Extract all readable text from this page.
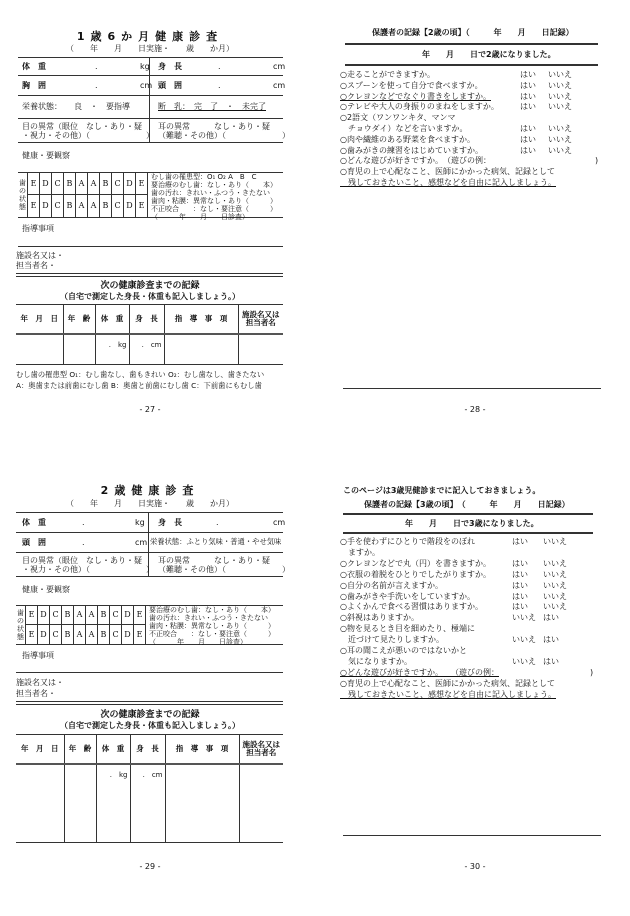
1歳6か月健康診査
（　　年　　月　　日実施・　　歳　　か月）
体　重	.	kg 身　長	.	cm
胸　囲	.	cm 頭　囲	.	cm
栄養状態：　　良　・　要指導	断　乳：　完　了　・　未完了
目の異常（眼位　なし・あり・疑
・視力・その他）（　　　　　　　）
耳の異常　　　なし・あり・疑
（難聴・その他）（　　　　　　　）
健康・要観察
歯の状態
E D C B A A B C D E
E D C B A A B C D E
むし歯の罹患型：O₁ O₂ A　B　C
要治療のむし歯：なし・あり（　　本）
歯の汚れ：きれい・ふつう・きたない
歯肉・粘膜：異常なし・あり（　　　）
不正咬合　　：なし・要注意（　　　）
（　　　年　　月　　日診査）
指導事項
施設名又は・
担当者名・
次の健康診査までの記録
（自宅で測定した身長・体重も記入しましょう。）
年　月　日	年　齢	体　重	身　長	指　導　事　項	施設名又は担当者名
		.　kg	.　cm		
むし歯の罹患型 O₁：むし歯なし、歯もきれい O₂：むし歯なし、歯きたない
A：奥歯または前歯にむし歯 B：奥歯と前歯にむし歯 C：下前歯にもむし歯
- 27 -
保護者の記録【2歳の頃】（　　　年　　月　　日記録）
年　　月　　日で2歳になりました。
○走ることができますか。	はい いいえ
○スプーンを使って自分で食べますか。	はい いいえ
○クレヨンなどでなぐり書きをしますか。	はい いいえ
○テレビや大人の身振りのまねをしますか。	はい いいえ
○2語文（ワンワンキタ、マンマ
　チョウダイ）などを言いますか。	はい いいえ
○肉や繊維のある野菜を食べますか。	はい いいえ
○歯みがきの練習をはじめていますか。	はい いいえ
○どんな遊びが好きですか。　（遊びの例：	)
○育児の上で心配なこと、医師にかかった病気、記録として
　残しておきたいこと、感想などを自由に記入しましょう。
- 28 -
2歳健康診査
（　　年　　月　　日実施・　　歳　　か月）
体　重	.	kg 身　長	.	cm
頭　囲	.	cm 栄養状態：ふとり気味・普通・やせ気味
目の異常（眼位　なし・あり・疑
・視力・その他）（　　　　　　　）
耳の異常　　　なし・あり・疑
（難聴・その他）（　　　　　　　）
健康・要観察
歯の状態
E D C B A A B C D E
E D C B A A B C D E
要治療のむし歯：なし・あり（　　本）
歯の汚れ：きれい・ふつう・きたない
歯肉・粘膜：異常なし・あり（　　　）
不正咬合　　：なし・要注意（　　　）
（　　　年　　月　　日診査）
指導事項
施設名又は・
担当者名・
次の健康診査までの記録
（自宅で測定した身長・体重も記入しましょう。）
年　月　日	年　齢	体　重	身　長	指　導　事　項	施設名又は担当者名
		.　kg	.　cm		
- 29 -
このページは3歳児健診までに記入しておきましょう。
保護者の記録【3歳の頃】　（　　　年　　月　　日記録）
年　　月　　日で3歳になりました。
○手を使わずにひとりで階段をのぼれ	はい いいえ
　ますか。
○クレヨンなどで丸（円）を書きますか。	はい いいえ
○衣服の着脱をひとりでしたがりますか。	はい いいえ
○自分の名前が言えますか。	はい いいえ
○歯みがきや手洗いをしていますか。	はい いいえ
○よくかんで食べる習慣はありますか。	はい いいえ
○斜視はありますか。	いいえ はい
○物を見るとき目を細めたり、極端に
　近づけて見たりしますか。	いいえ はい
○耳の聞こえが悪いのではないかと
　気になりますか。	いいえ はい
○どんな遊びが好きですか。　　（遊びの例：	)
○育児の上で心配なこと、医師にかかった病気、記録として
　残しておきたいこと、感想などを自由に記入しましょう。
- 30 -
